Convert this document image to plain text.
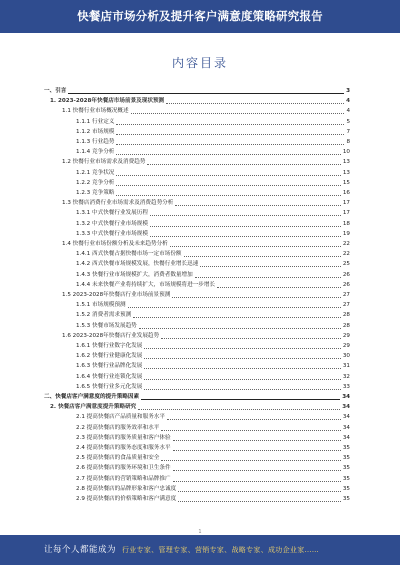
快餐店市场分析及提升客户满意度策略研究报告
内容目录
一、引言	3
1. 2023-2028年快餐店市场前景及现状预测	4
1.1 快餐行业市场概况概述	4
1.1.1 行业定义	5
1.1.2 市场规模	7
1.1.3 行业趋势	8
1.1.4 竞争分析	10
1.2 快餐行业市场需求及消费趋势	13
1.2.1 竞争状况	13
1.2.2 竞争分析	15
1.2.3 竞争策略	16
1.3 快餐店消费行业市场需求及消费趋势分析	17
1.3.1 中式快餐行业发展历程	17
1.3.2 中式快餐行业市场规模	18
1.3.3 中式快餐行业市场规模	19
1.4 快餐行业市场份额分析及未来趋势分析	22
1.4.1 西式快餐占据快餐市场一定市场份额	22
1.4.2 西式快餐市场规模发展，快餐行业增长迅速	25
1.4.3 快餐行业市场规模扩大，消费者数量增加	26
1.4.4 未来快餐产业将持续扩大，市场规模将进一步增长	26
1.5 2023-2028年快餐店行业市场前景预测	27
1.5.1 市场规模预测	27
1.5.2 消费者需求预测	28
1.5.3 快餐市场发展趋势	28
1.6 2023-2028年快餐店行业发展趋势	29
1.6.1 快餐行业数字化发展	29
1.6.2 快餐行业健康化发展	30
1.6.3 快餐行业品牌化发展	31
1.6.4 快餐行业连锁化发展	32
1.6.5 快餐行业多元化发展	33
二、快餐店客户满意度的提升策略因素	34
2. 快餐店客户满意度提升策略研究	34
2.1 提高快餐店产品质量和服务水平	34
2.2 提高快餐店的服务效率和水平	34
2.3 提高快餐店的服务质量和客户体验	34
2.4 提高快餐店的服务态度和服务水平	35
2.5 提高快餐店的食品质量和安全	35
2.6 提高快餐店的服务环境和卫生条件	35
2.7 提高快餐店的营销策略和品牌推广	35
2.8 提高快餐店的品牌形象和客户忠诚度	35
2.9 提高快餐店的价格策略和客户满意度	35
1
让每个人都能成为 行业专家、管理专家、营销专家、战略专家、成功企业家……
